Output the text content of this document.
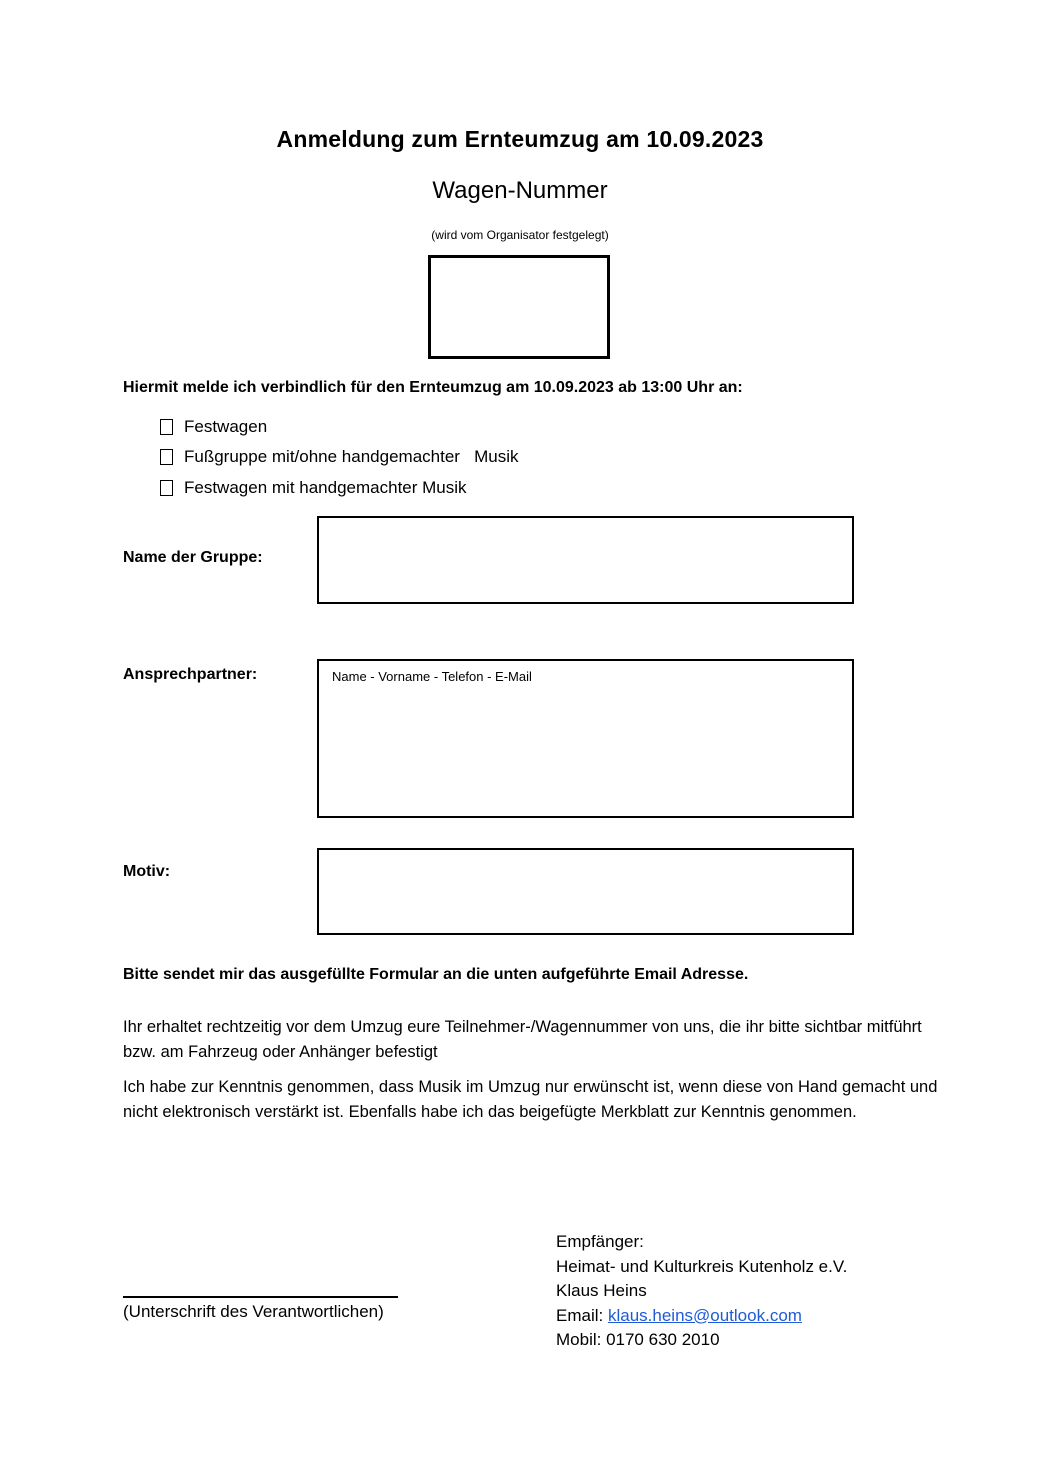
Anmeldung zum Ernteumzug am 10.09.2023
Wagen-Nummer
(wird vom Organisator festgelegt)
Hiermit melde ich verbindlich für den Ernteumzug am 10.09.2023 ab 13:00 Uhr an:
Festwagen
Fußgruppe mit/ohne handgemachter   Musik
Festwagen mit handgemachter Musik
Name der Gruppe:
Ansprechpartner:	Name - Vorname - Telefon - E-Mail
Motiv:
Bitte sendet mir das ausgefüllte Formular an die unten aufgeführte Email Adresse.
Ihr erhaltet rechtzeitig vor dem Umzug eure Teilnehmer-/Wagennummer von uns, die ihr bitte sichtbar mitführt bzw. am Fahrzeug oder Anhänger befestigt
Ich habe zur Kenntnis genommen, dass Musik im Umzug nur erwünscht ist, wenn diese von Hand gemacht und nicht elektronisch verstärkt ist. Ebenfalls habe ich das beigefügte Merkblatt zur Kenntnis genommen.
(Unterschrift des Verantwortlichen)
Empfänger:
Heimat- und Kulturkreis Kutenholz e.V.
Klaus Heins
Email: klaus.heins@outlook.com
Mobil: 0170 630 2010
